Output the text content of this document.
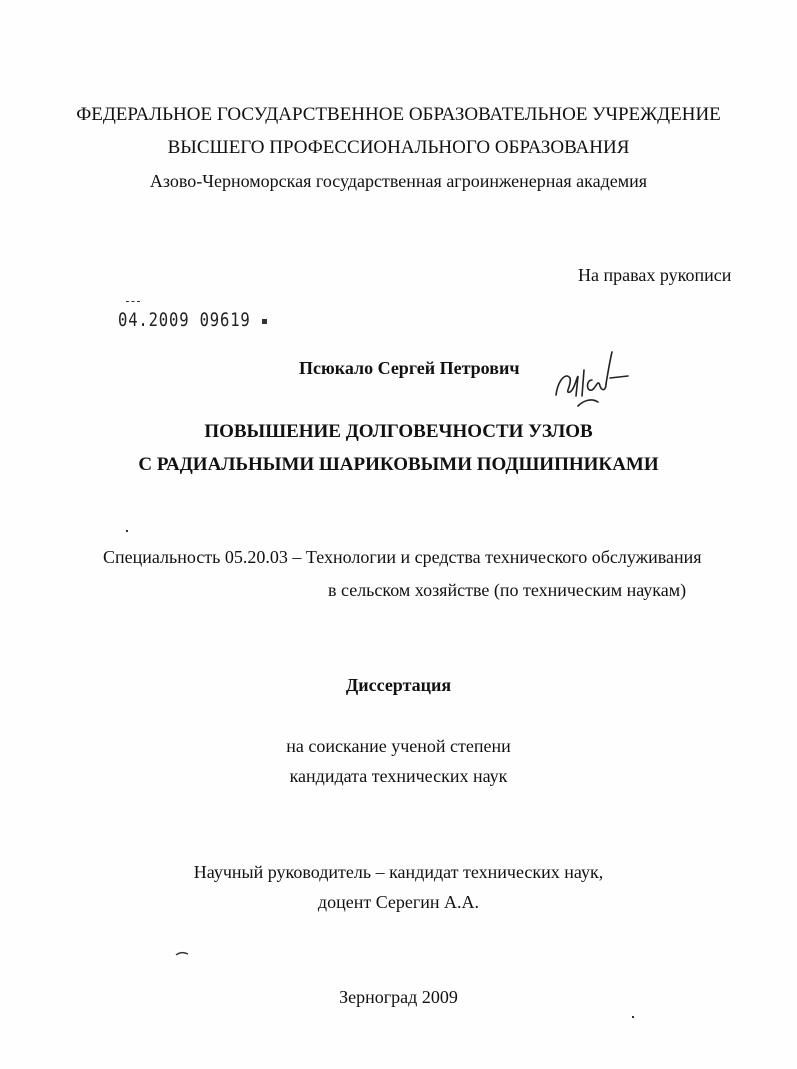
ФЕДЕРАЛЬНОЕ ГОСУДАРСТВЕННОЕ ОБРАЗОВАТЕЛЬНОЕ УЧРЕЖДЕНИЕ
ВЫСШЕГО ПРОФЕССИОНАЛЬНОГО ОБРАЗОВАНИЯ
Азово-Черноморская государственная агроинженерная академия
На правах рукописи
04.2009 09619
Псюкало Сергей Петрович
ПОВЫШЕНИЕ ДОЛГОВЕЧНОСТИ УЗЛОВ
С РАДИАЛЬНЫМИ ШАРИКОВЫМИ ПОДШИПНИКАМИ
Специальность 05.20.03 – Технологии и средства технического обслуживания
в сельском хозяйстве (по техническим наукам)
Диссертация
на соискание ученой степени
кандидата технических наук
Научный руководитель – кандидат технических наук,
доцент Серегин А.А.
Зерноград 2009
